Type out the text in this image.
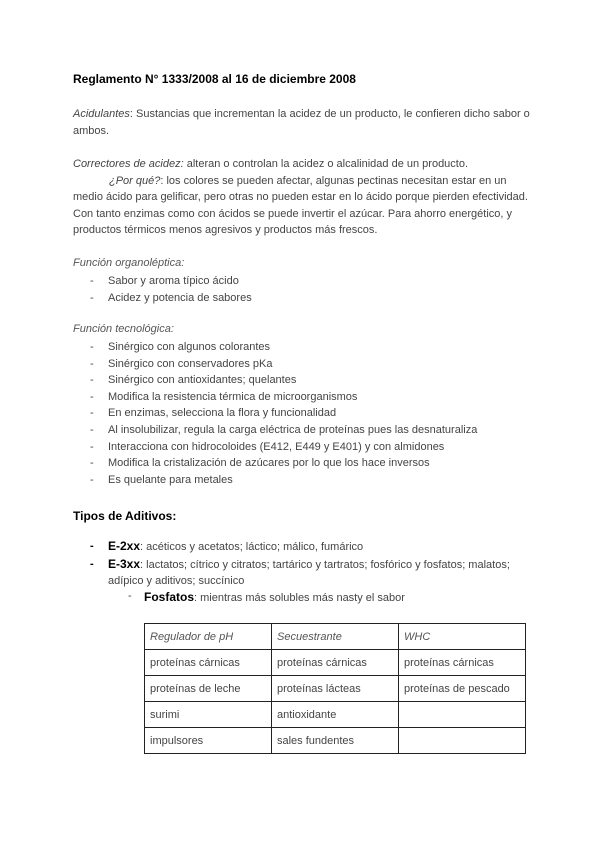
Reglamento N° 1333/2008 al 16 de diciembre 2008
Acidulantes: Sustancias que incrementan la acidez de un producto, le confieren dicho sabor o ambos.
Correctores de acidez: alteran o controlan la acidez o alcalinidad de un producto.
¿Por qué?: los colores se pueden afectar, algunas pectinas necesitan estar en un medio ácido para gelificar, pero otras no pueden estar en lo ácido porque pierden efectividad. Con tanto enzimas como con ácidos se puede invertir el azúcar. Para ahorro energético, y productos térmicos menos agresivos y productos más frescos.
Función organoléptica:
- Sabor y aroma típico ácido
- Acidez y potencia de sabores
Función tecnológica:
- Sinérgico con algunos colorantes
- Sinérgico con conservadores pKa
- Sinérgico con antioxidantes; quelantes
- Modifica la resistencia térmica de microorganismos
- En enzimas, selecciona la flora y funcionalidad
- Al insolubilizar, regula la carga eléctrica de proteínas pues las desnaturaliza
- Interacciona con hidrocoloides (E412, E449 y E401) y con almidones
- Modifica la cristalización de azúcares por lo que los hace inversos
- Es quelante para metales
Tipos de Aditivos:
- E-2xx: acéticos y acetatos; láctico; málico, fumárico
- E-3xx: lactatos; cítrico y citratos; tartárico y tartratos; fosfórico y fosfatos; malatos; adípico y aditivos; succínico
- Fosfatos: mientras más solubles más nasty el sabor
Regulador de pH	Secuestrante	WHC
proteínas cárnicas	proteínas cárnicas	proteínas cárnicas
proteínas de leche	proteínas lácteas	proteínas de pescado
surimi	antioxidante	
impulsores	sales fundentes	
